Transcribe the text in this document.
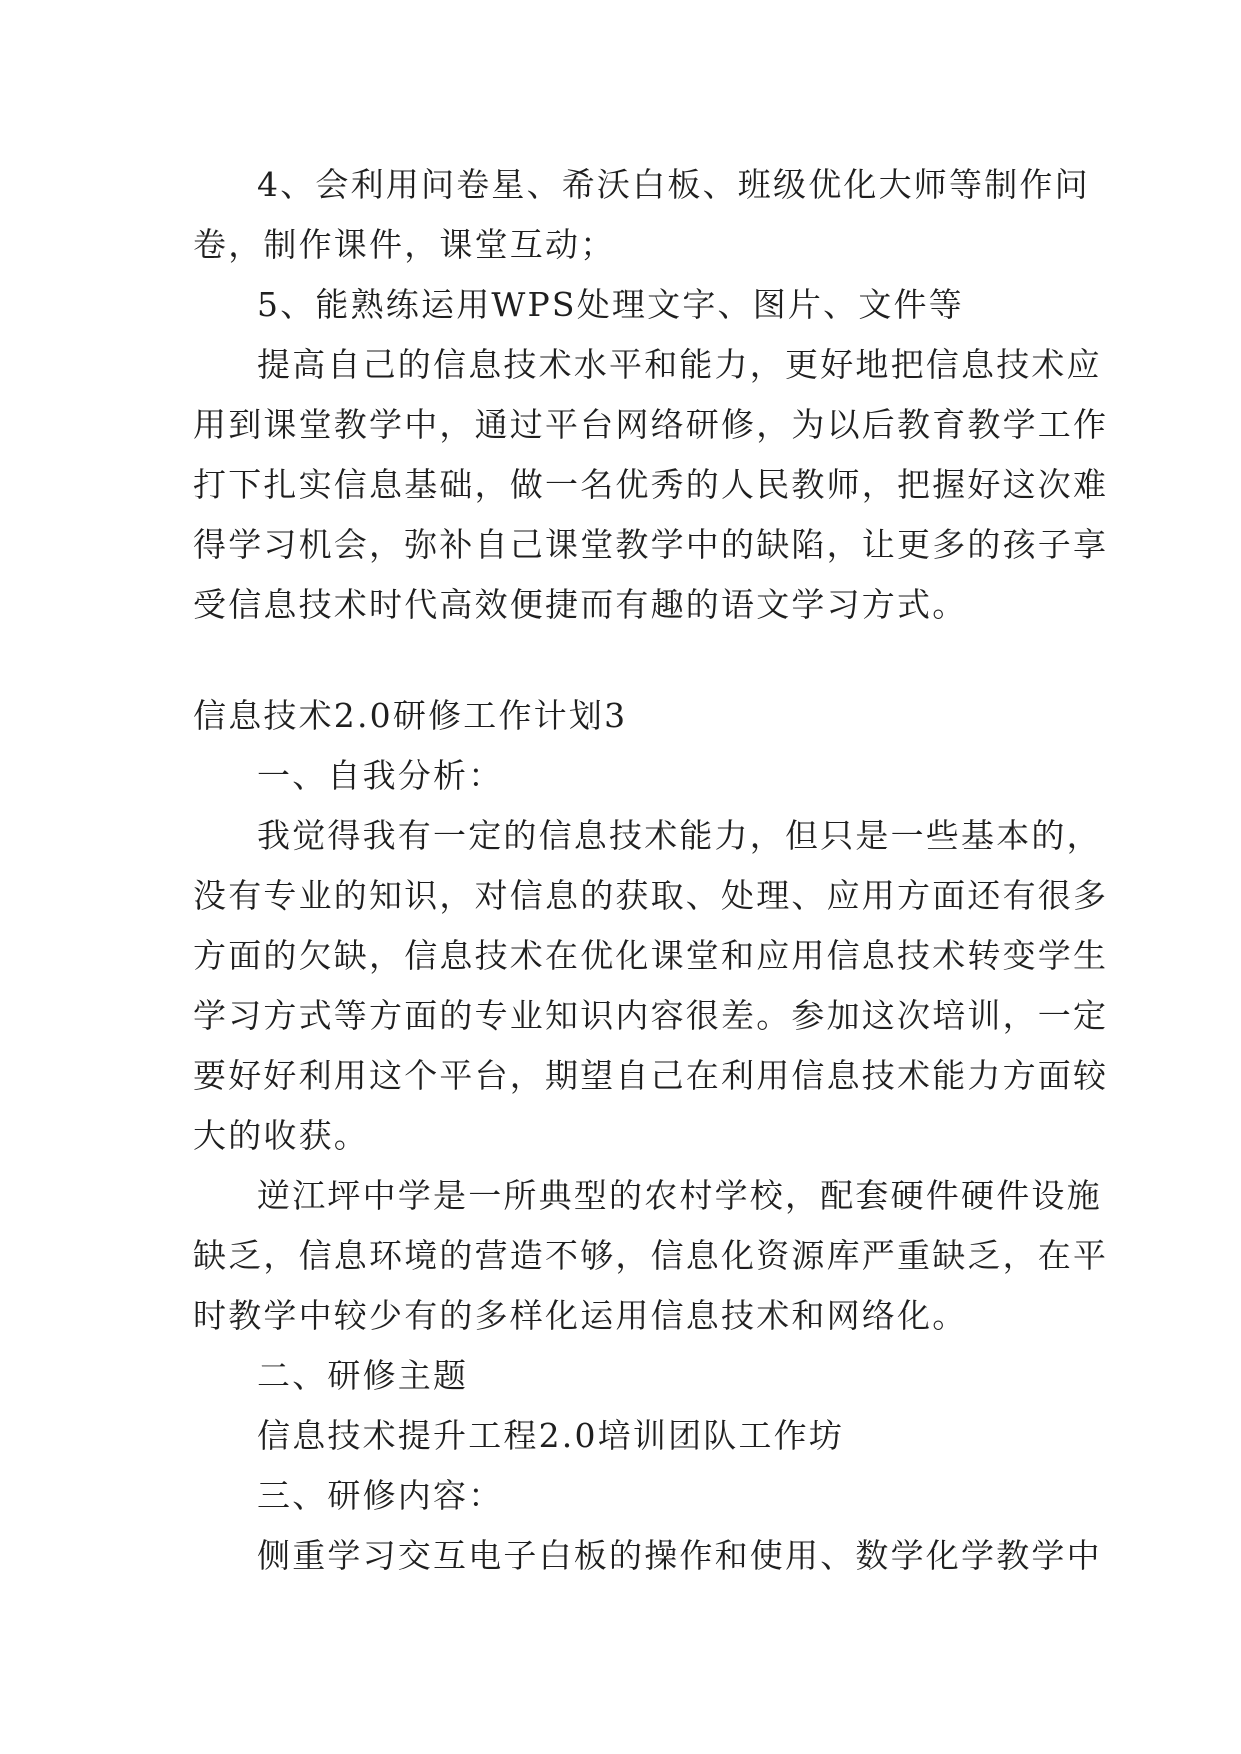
4、会利用问卷星、希沃白板、班级优化大师等制作问
卷，制作课件，课堂互动；
5、能熟练运用WPS处理文字、图片、文件等
提高自己的信息技术水平和能力，更好地把信息技术应
用到课堂教学中，通过平台网络研修，为以后教育教学工作
打下扎实信息基础，做一名优秀的人民教师，把握好这次难
得学习机会，弥补自己课堂教学中的缺陷，让更多的孩子享
受信息技术时代高效便捷而有趣的语文学习方式。
信息技术2.0研修工作计划3
一、自我分析：
我觉得我有一定的信息技术能力，但只是一些基本的，
没有专业的知识，对信息的获取、处理、应用方面还有很多
方面的欠缺，信息技术在优化课堂和应用信息技术转变学生
学习方式等方面的专业知识内容很差。参加这次培训，一定
要好好利用这个平台，期望自己在利用信息技术能力方面较
大的收获。
逆江坪中学是一所典型的农村学校，配套硬件硬件设施
缺乏，信息环境的营造不够，信息化资源库严重缺乏，在平
时教学中较少有的多样化运用信息技术和网络化。
二、研修主题
信息技术提升工程2.0培训团队工作坊
三、研修内容：
侧重学习交互电子白板的操作和使用、数学化学教学中
